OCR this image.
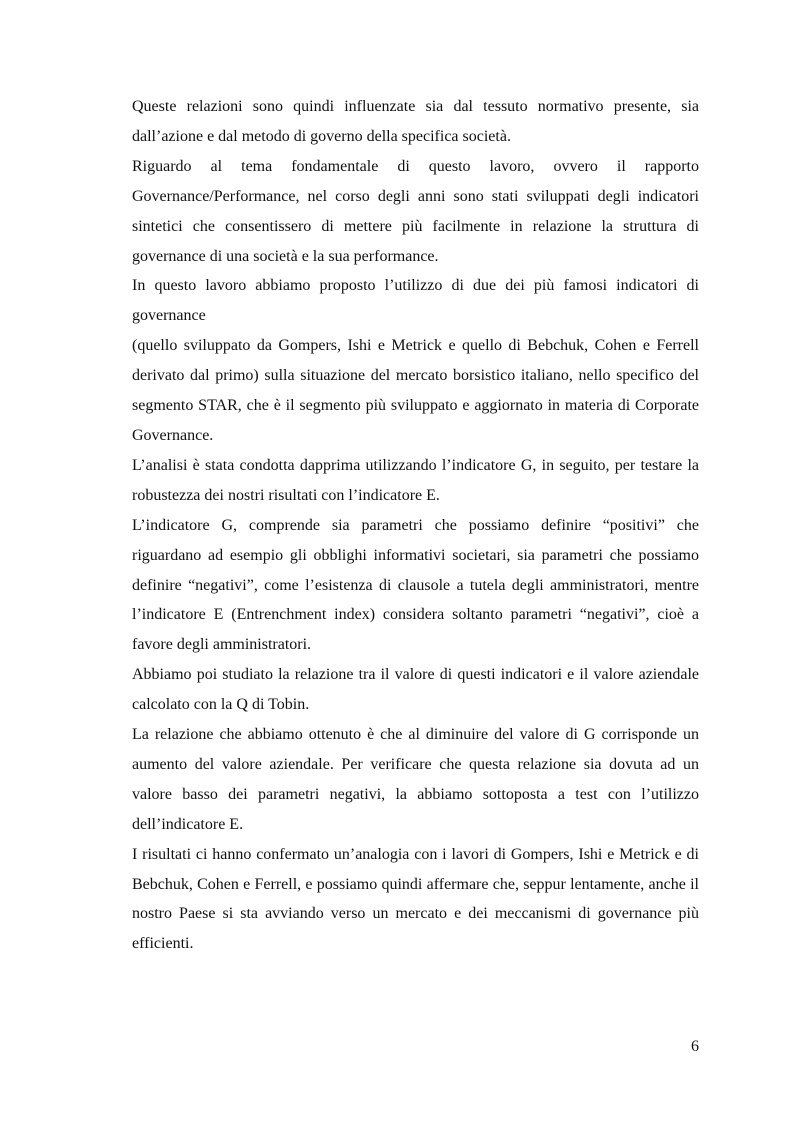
Queste relazioni sono quindi influenzate sia dal tessuto normativo presente, sia dall’azione e dal metodo di governo della specifica società.

Riguardo al tema fondamentale di questo lavoro, ovvero il rapporto Governance/Performance, nel corso degli anni sono stati sviluppati degli indicatori sintetici che consentissero di mettere più facilmente in relazione la struttura di governance di una società e la sua performance.

In questo lavoro abbiamo proposto l’utilizzo di due dei più famosi indicatori di governance

(quello sviluppato da Gompers, Ishi e Metrick e quello di Bebchuk, Cohen e Ferrell derivato dal primo) sulla situazione del mercato borsistico italiano, nello specifico del segmento STAR, che è il segmento più sviluppato e aggiornato in materia di Corporate Governance.

L’analisi è stata condotta dapprima utilizzando l’indicatore G, in seguito, per testare la robustezza dei nostri risultati con l’indicatore E.

L’indicatore G, comprende sia parametri che possiamo definire “positivi” che riguardano ad esempio gli obblighi informativi societari, sia parametri che possiamo definire “negativi”, come l’esistenza di clausole a tutela degli amministratori, mentre l’indicatore E (Entrenchment index) considera soltanto parametri “negativi”, cioè a favore degli amministratori.

Abbiamo poi studiato la relazione tra il valore di questi indicatori e il valore aziendale calcolato con la Q di Tobin.

La relazione che abbiamo ottenuto è che al diminuire del valore di G corrisponde un aumento del valore aziendale. Per verificare che questa relazione sia dovuta ad un valore basso dei parametri negativi, la abbiamo sottoposta a test con l’utilizzo dell’indicatore E.

I risultati ci hanno confermato un’analogia con i lavori di Gompers, Ishi e Metrick e di Bebchuk, Cohen e Ferrell, e possiamo quindi affermare che, seppur lentamente, anche il nostro Paese si sta avviando verso un mercato e dei meccanismi di governance più efficienti.

6
